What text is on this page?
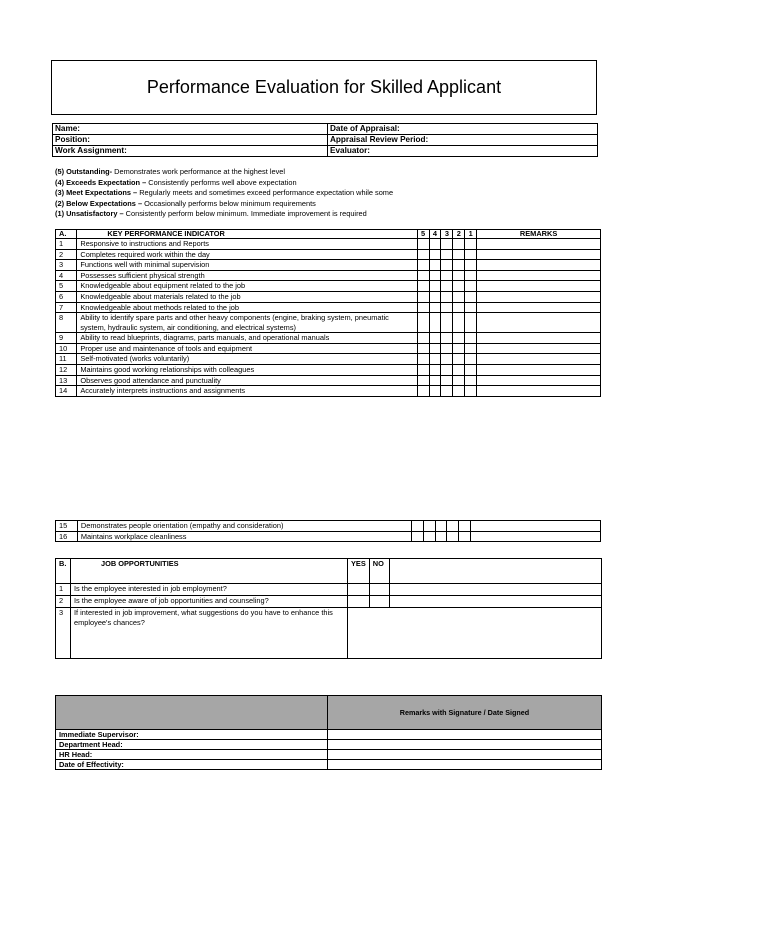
Performance Evaluation for Skilled Applicant
Name:	Date of Appraisal:
Position:	Appraisal Review Period:
Work Assignment:	Evaluator:
(5) Outstanding- Demonstrates work performance at the highest level
(4) Exceeds Expectation – Consistently performs well above expectation
(3) Meet Expectations – Regularly meets and sometimes exceed performance expectation while some
(2) Below Expectations – Occasionally performs below minimum requirements
(1) Unsatisfactory – Consistently perform below minimum. Immediate improvement is required
A.	KEY PERFORMANCE INDICATOR	5	4	3	2	1	REMARKS
1	Responsive to instructions and Reports						
2	Completes required work within the day						
3	Functions well with minimal supervision						
4	Possesses sufficient physical strength						
5	Knowledgeable about equipment related to the job						
6	Knowledgeable about materials related to the job						
7	Knowledgeable about methods related to the job						
8	Ability to identify spare parts and other heavy components (engine, braking system, pneumatic system, hydraulic system, air conditioning, and electrical systems)						
9	Ability to read blueprints, diagrams, parts manuals, and operational manuals						
10	Proper use and maintenance of tools and equipment						
11	Self-motivated (works voluntarily)						
12	Maintains good working relationships with colleagues						
13	Observes good attendance and punctuality						
14	Accurately interprets instructions and assignments						
15	Demonstrates people orientation (empathy and consideration)						
16	Maintains workplace cleanliness						
B.	JOB OPPORTUNITIES	YES	NO	
1	Is the employee interested in job employment?			
2	Is the employee aware of job opportunities and counseling?			
3	If interested in job improvement, what suggestions do you have to enhance this employee's chances?			
	Remarks with Signature / Date Signed
Immediate Supervisor:	
Department Head:	
HR Head:	
Date of Effectivity:	
